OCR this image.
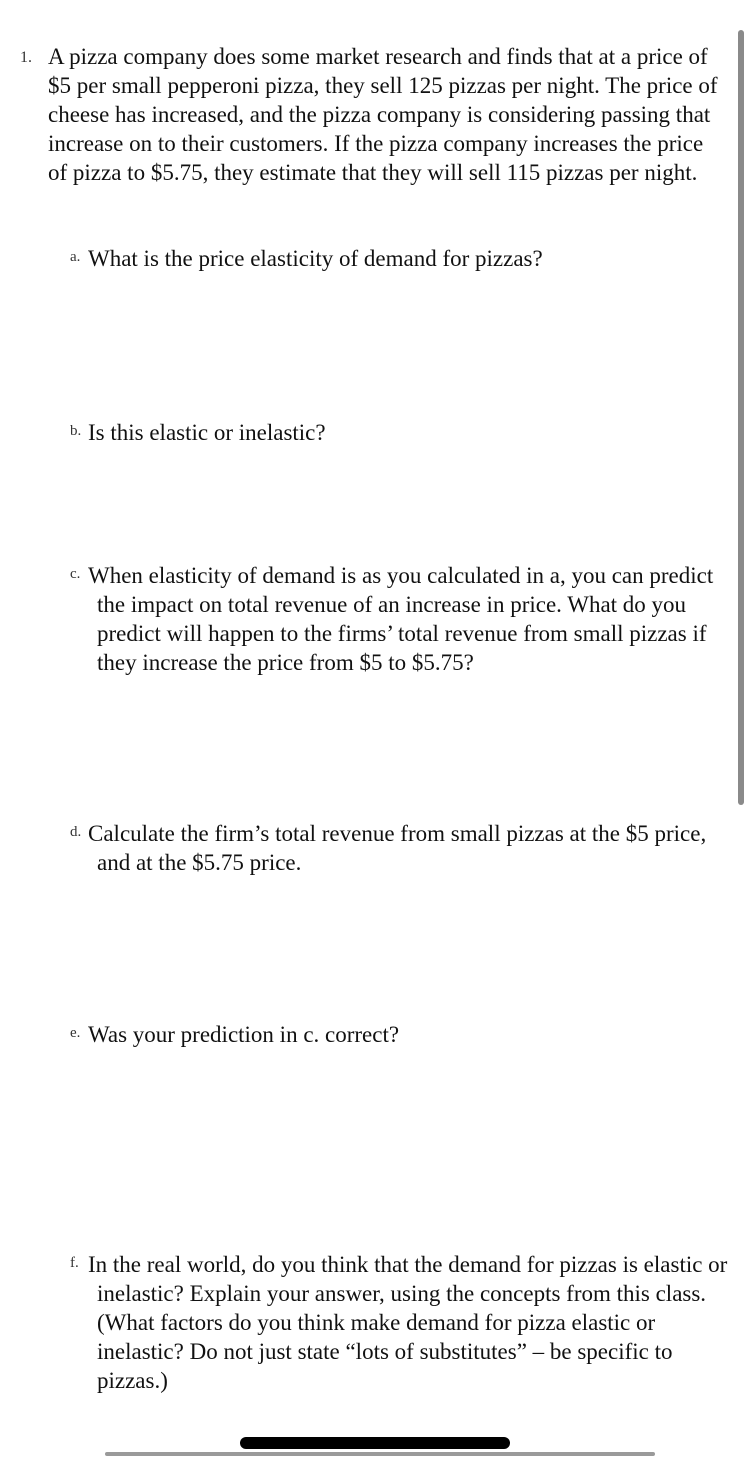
1. A pizza company does some market research and finds that at a price of $5 per small pepperoni pizza, they sell 125 pizzas per night. The price of cheese has increased, and the pizza company is considering passing that increase on to their customers. If the pizza company increases the price of pizza to $5.75, they estimate that they will sell 115 pizzas per night.
a. What is the price elasticity of demand for pizzas?
b. Is this elastic or inelastic?
c. When elasticity of demand is as you calculated in a, you can predict the impact on total revenue of an increase in price. What do you predict will happen to the firms’ total revenue from small pizzas if they increase the price from $5 to $5.75?
d. Calculate the firm’s total revenue from small pizzas at the $5 price, and at the $5.75 price.
e. Was your prediction in c. correct?
f. In the real world, do you think that the demand for pizzas is elastic or inelastic? Explain your answer, using the concepts from this class. (What factors do you think make demand for pizza elastic or inelastic? Do not just state “lots of substitutes” – be specific to pizzas.)
